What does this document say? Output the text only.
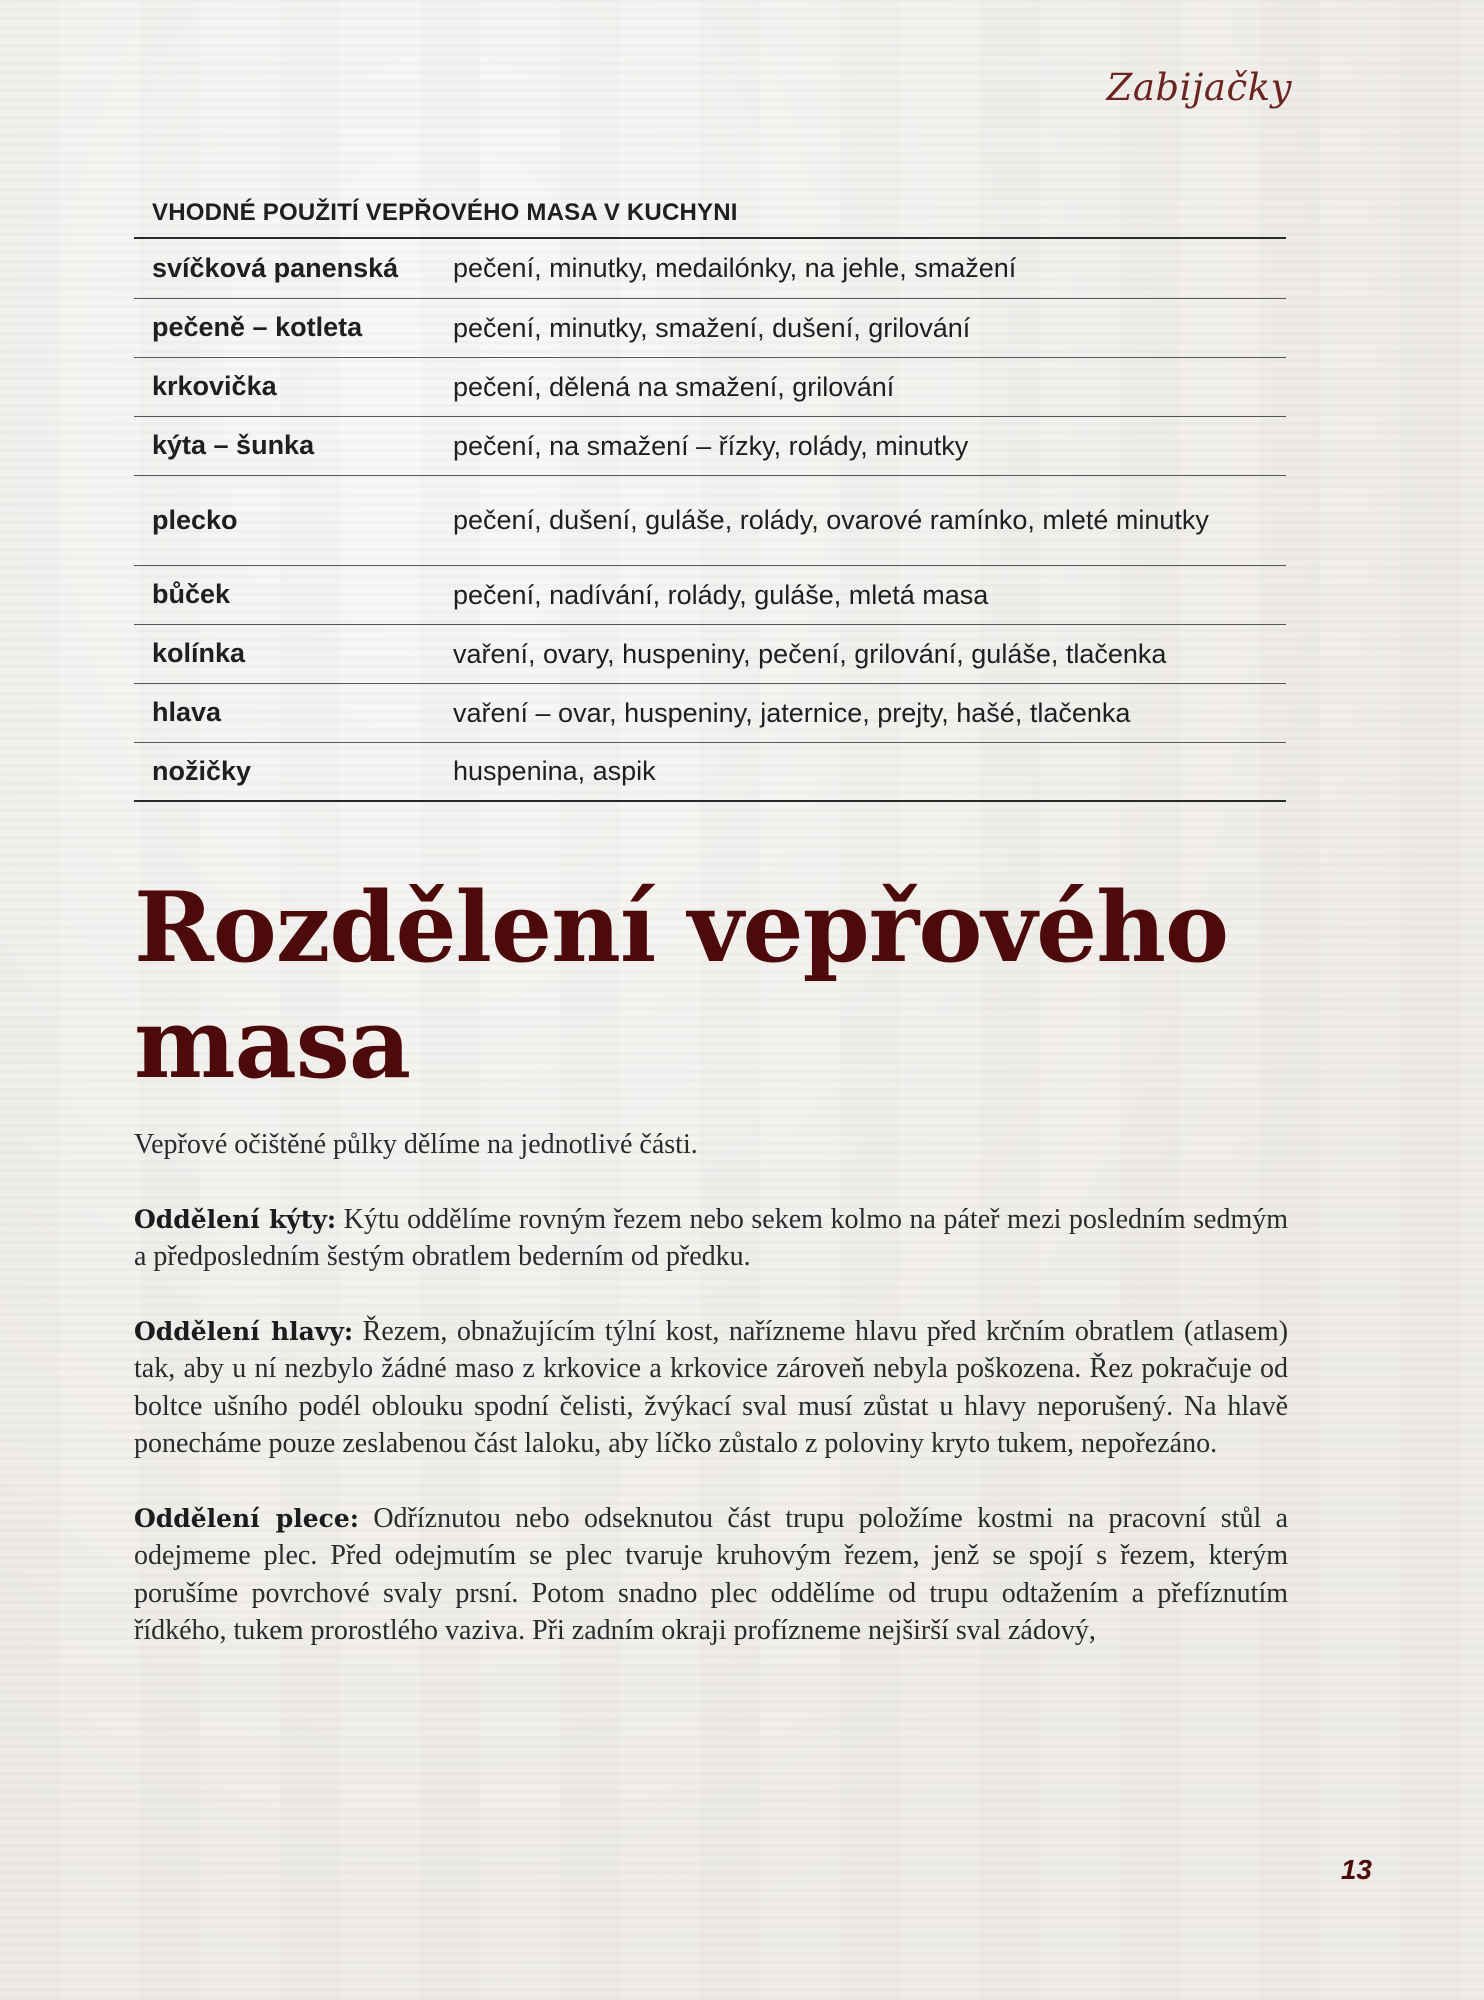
Zabijačky
VHODNÉ POUŽITÍ VEPŘOVÉHO MASA V KUCHYNI
svíčková panenská	pečení, minutky, medailónky, na jehle, smažení
pečeně – kotleta	pečení, minutky, smažení, dušení, grilování
krkovička	pečení, dělená na smažení, grilování
kýta – šunka	pečení, na smažení – řízky, rolády, minutky
plecko	pečení, dušení, guláše, rolády, ovarové ramínko, mleté minutky
bůček	pečení, nadívání, rolády, guláše, mletá masa
kolínka	vaření, ovary, huspeniny, pečení, grilování, guláše, tlačenka
hlava	vaření – ovar, huspeniny, jaternice, prejty, hašé, tlačenka
nožičky	huspenina, aspik
Rozdělení vepřového masa

Vepřové očištěné půlky dělíme na jednotlivé části.

Oddělení kýty: Kýtu oddělíme rovným řezem nebo sekem kolmo na páteř mezi posledním sedmým a předposledním šestým obratlem bederním od předku.

Oddělení hlavy: Řezem, obnažujícím týlní kost, nařízneme hlavu před krčním obratlem (atlasem) tak, aby u ní nezbylo žádné maso z krkovice a krkovice zároveň nebyla poškozena. Řez pokračuje od boltce ušního podél oblouku spodní čelisti, žvýkací sval musí zůstat u hlavy neporušený. Na hlavě ponecháme pouze zeslabenou část laloku, aby líčko zůstalo z poloviny kryto tukem, nepořezáno.

Oddělení plece: Odříznutou nebo odseknutou část trupu položíme kostmi na pracovní stůl a odejmeme plec. Před odejmutím se plec tvaruje kruhovým řezem, jenž se spojí s řezem, kterým porušíme povrchové svaly prsní. Potom snadno plec oddělíme od trupu odtažením a přefíznutím řídkého, tukem prorostlého vaziva. Při zadním okraji profízneme nejširší sval zádový,

13
